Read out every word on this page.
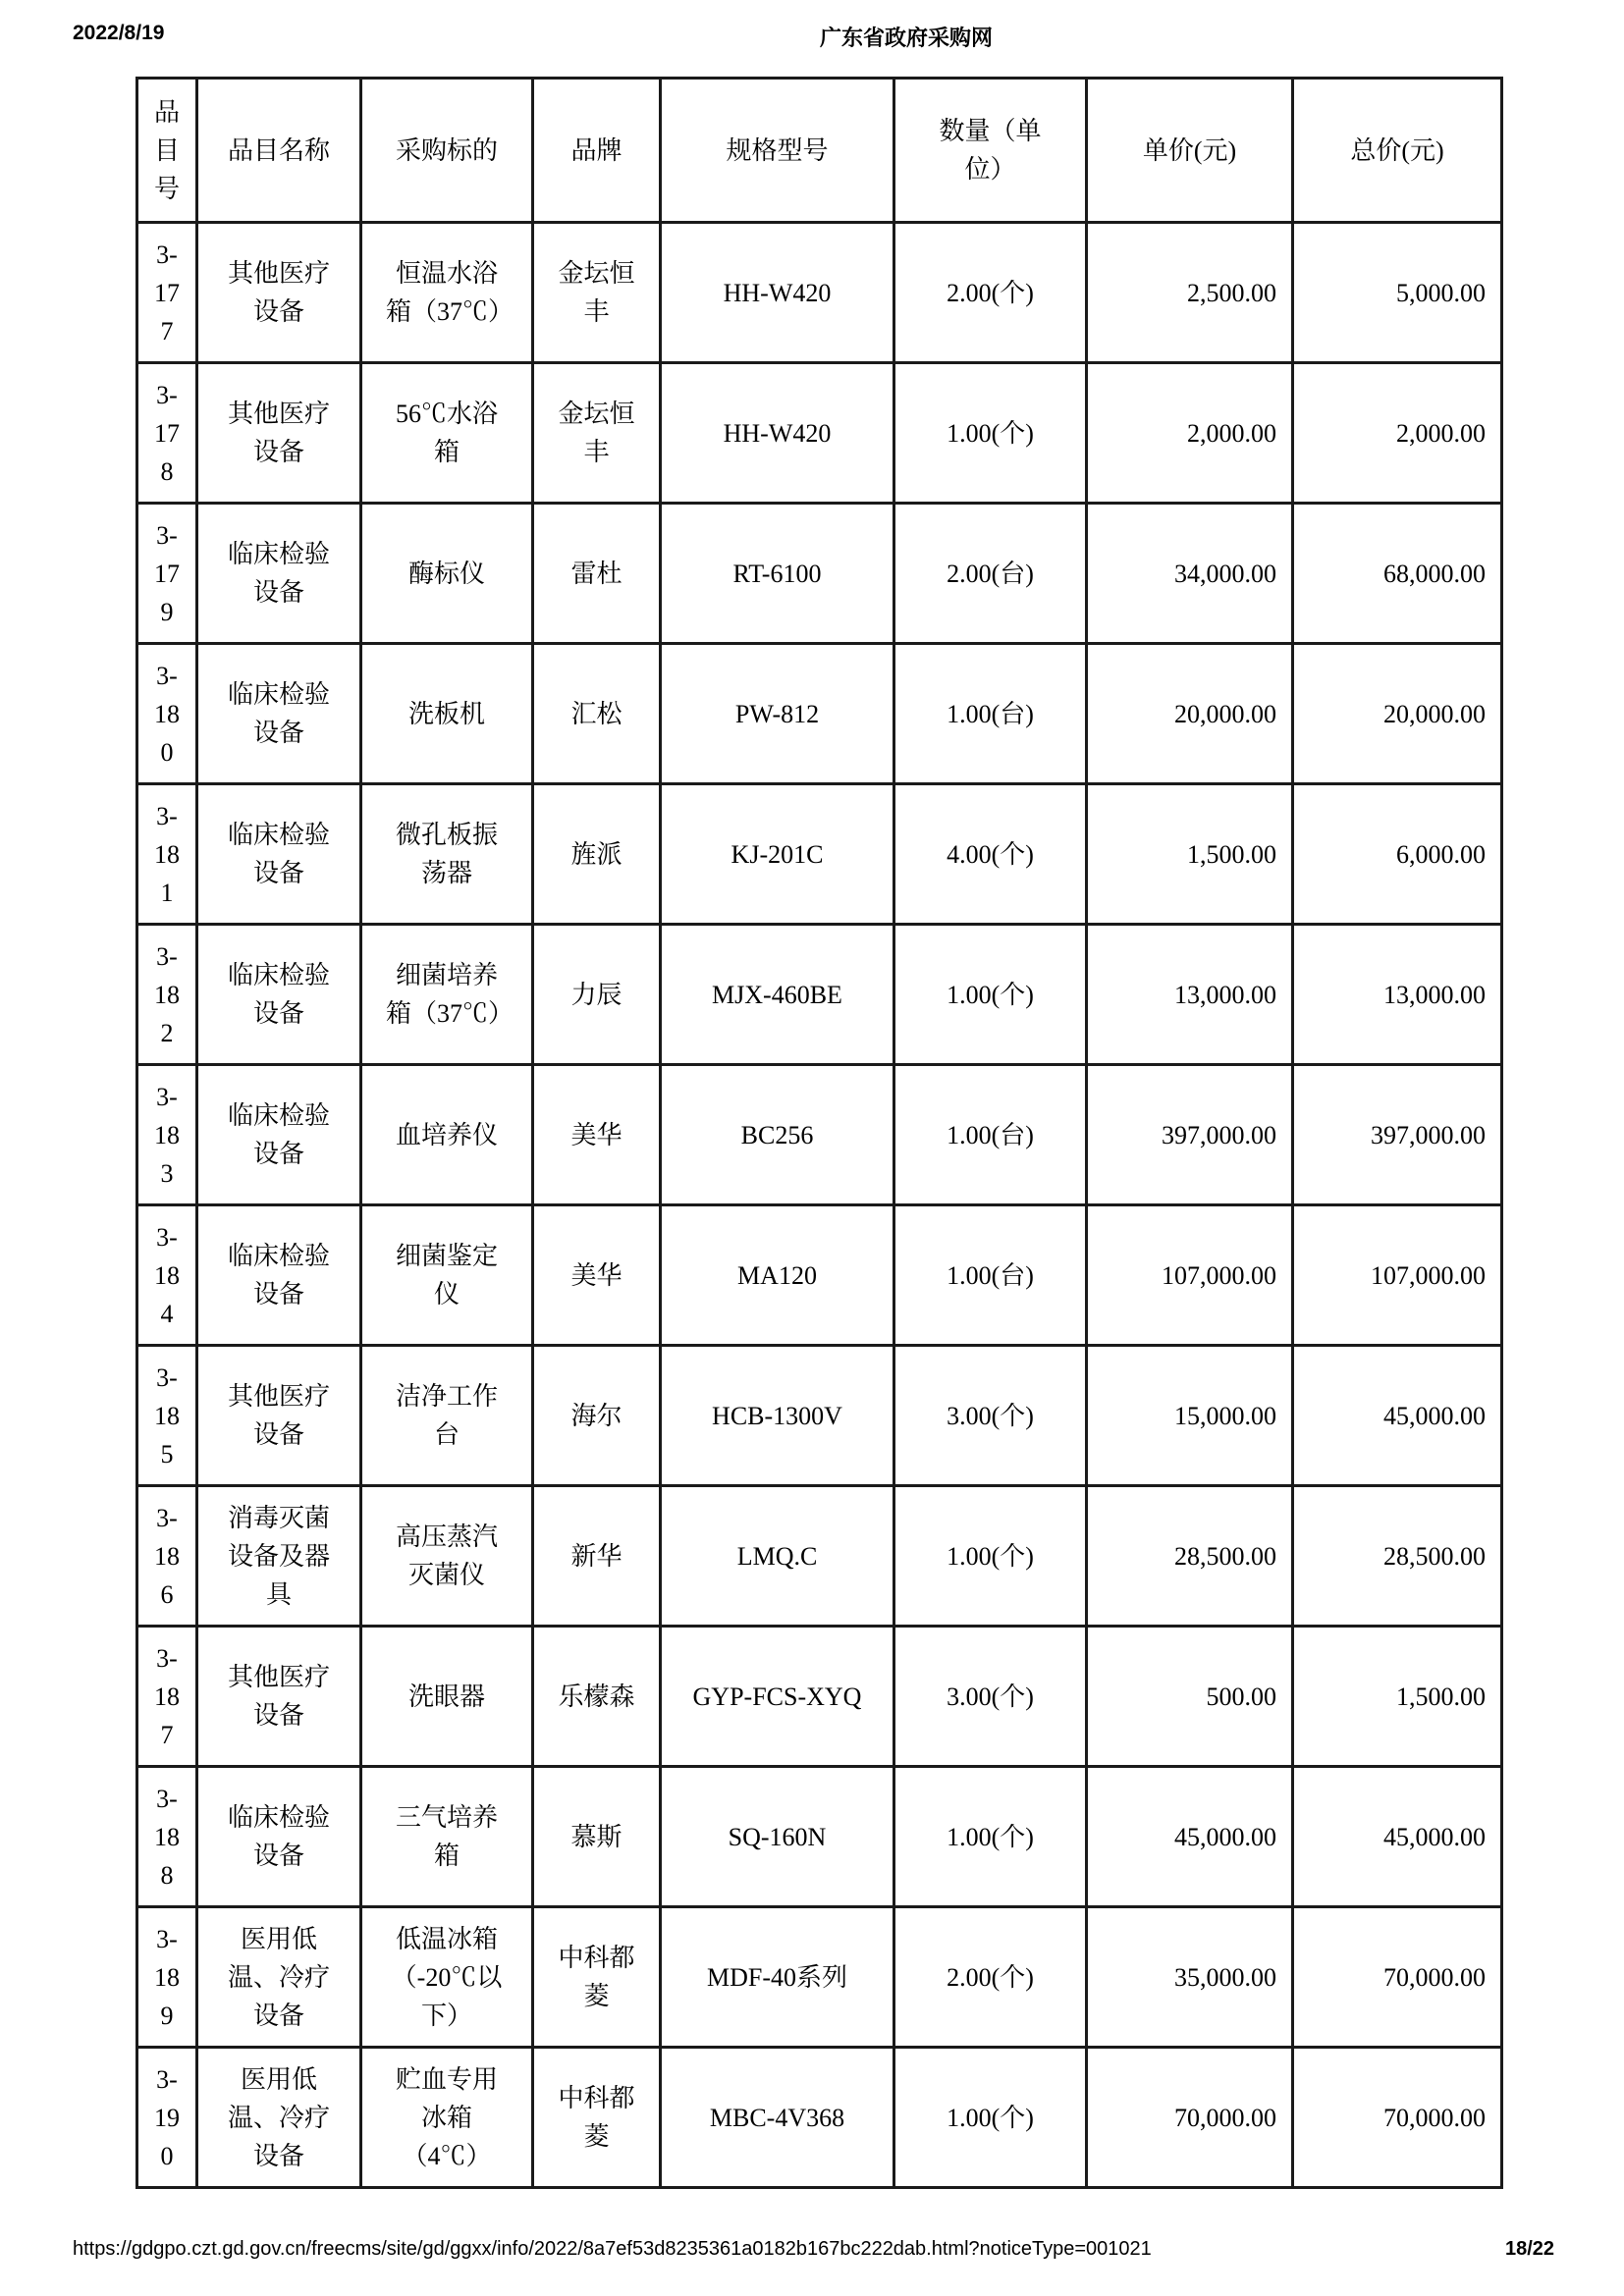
2022/8/19	广东省政府采购网
品目号	品目名称	采购标的	品牌	规格型号	数量（单位）	单价(元)	总价(元)
3-177	其他医疗设备	恒温水浴箱（37℃）	金坛恒丰	HH-W420	2.00(个)	2,500.00	5,000.00
3-178	其他医疗设备	56℃水浴箱	金坛恒丰	HH-W420	1.00(个)	2,000.00	2,000.00
3-179	临床检验设备	酶标仪	雷杜	RT-6100	2.00(台)	34,000.00	68,000.00
3-180	临床检验设备	洗板机	汇松	PW-812	1.00(台)	20,000.00	20,000.00
3-181	临床检验设备	微孔板振荡器	旌派	KJ-201C	4.00(个)	1,500.00	6,000.00
3-182	临床检验设备	细菌培养箱（37℃）	力辰	MJX-460BE	1.00(个)	13,000.00	13,000.00
3-183	临床检验设备	血培养仪	美华	BC256	1.00(台)	397,000.00	397,000.00
3-184	临床检验设备	细菌鉴定仪	美华	MA120	1.00(台)	107,000.00	107,000.00
3-185	其他医疗设备	洁净工作台	海尔	HCB-1300V	3.00(个)	15,000.00	45,000.00
3-186	消毒灭菌设备及器具	高压蒸汽灭菌仪	新华	LMQ.C	1.00(个)	28,500.00	28,500.00
3-187	其他医疗设备	洗眼器	乐檬森	GYP-FCS-XYQ	3.00(个)	500.00	1,500.00
3-188	临床检验设备	三气培养箱	慕斯	SQ-160N	1.00(个)	45,000.00	45,000.00
3-189	医用低温、冷疗设备	低温冰箱（-20℃以下）	中科都菱	MDF-40系列	2.00(个)	35,000.00	70,000.00
3-190	医用低温、冷疗设备	贮血专用冰箱（4℃）	中科都菱	MBC-4V368	1.00(个)	70,000.00	70,000.00
https://gdgpo.czt.gd.gov.cn/freecms/site/gd/ggxx/info/2022/8a7ef53d8235361a0182b167bc222dab.html?noticeType=001021	18/22
